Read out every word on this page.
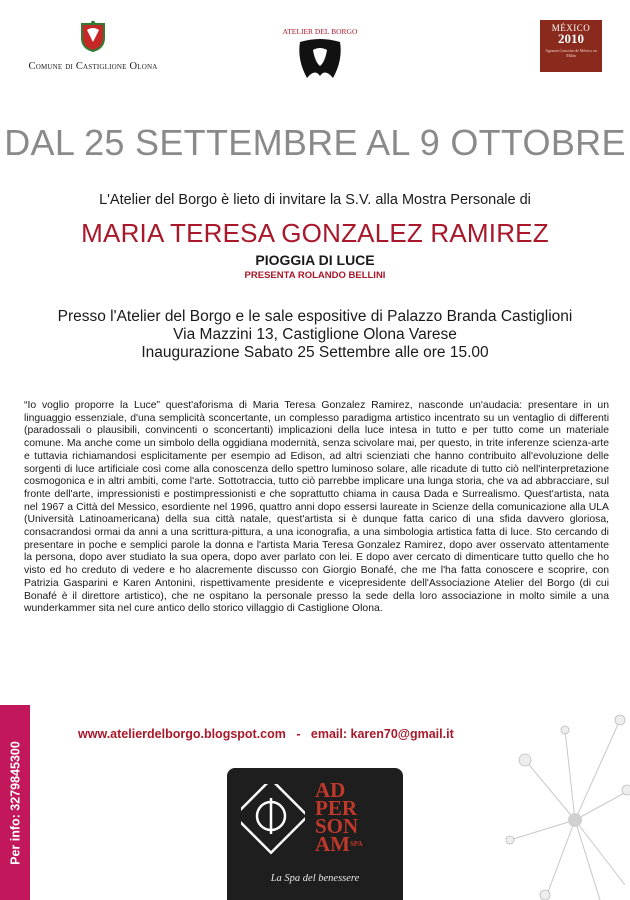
Comune di Castiglione Olona
ATELIER DEL BORGO	MÉXICO
2010
Agenzia Consolar de México en Milán
DAL 25 SETTEMBRE AL 9 OTTOBRE
L'Atelier del Borgo è lieto di invitare la S.V. alla Mostra Personale di
MARIA TERESA GONZALEZ RAMIREZ
PIOGGIA DI LUCE
PRESENTA ROLANDO BELLINI
Presso l'Atelier del Borgo e le sale espositive di Palazzo Branda Castiglioni
Via Mazzini 13, Castiglione Olona Varese
Inaugurazione Sabato 25 Settembre alle ore 15.00

“Io voglio proporre la Luce” quest'aforisma di Maria Teresa Gonzalez Ramirez, nasconde un'audacia: presentare in un linguaggio essenziale, d'una semplicità sconcertante, un complesso paradigma artistico incentrato su un ventaglio di differenti (paradossali o plausibili, convincenti o sconcertanti) implicazioni della luce intesa in tutto e per tutto come un materiale comune. Ma anche come un simbolo della oggidiana modernità, senza scivolare mai, per questo, in trite inferenze scienza-arte e tuttavia richiamandosi esplicitamente per esempio ad Edison, ad altri scienziati che hanno contribuito all'evoluzione delle sorgenti di luce artificiale così come alla conoscenza dello spettro luminoso solare, alle ricadute di tutto ciò nell'interpretazione cosmogonica e in altri ambiti, come l'arte. Sottotraccia, tutto ciò parrebbe implicare una lunga storia, che va ad abbracciare, sul fronte dell'arte, impressionisti e postimpressionisti e che soprattutto chiama in causa Dada e Surrealismo. Quest'artista, nata nel 1967 a Città del Messico, esordiente nel 1996, quattro anni dopo essersi laureate in Scienze della comunicazione alla ULA (Università Latinoamericana) della sua città natale, quest'artista si è dunque fatta carico di una sfida davvero gloriosa, consacrandosi ormai da anni a una scrittura-pittura, a una iconografia, a una simbologia artistica fatta di luce. Sto cercando di presentare in poche e semplici parole la donna e l'artista Maria Teresa Gonzalez Ramirez, dopo aver osservato attentamente la persona, dopo aver studiato la sua opera, dopo aver parlato con lei. E dopo aver cercato di dimenticare tutto quello che ho visto ed ho creduto di vedere e ho alacremente discusso con Giorgio Bonafé, che me l'ha fatta conoscere e scoprire, con Patrizia Gasparini e Karen Antonini, rispettivamente presidente e vicepresidente dell'Associazione Atelier del Borgo (di cui Bonafé è il direttore artistico), che ne ospitano la personale presso la sede della loro associazione in molto simile a una wunderkammer sita nel cure antico dello storico villaggio di Castiglione Olona.

www.atelierdelborgo.blogspot.com - email: karen70@gmail.it
Per info: 3279845300	AD
PER
SON
$AM^{SPA}$
La Spa del benessere
